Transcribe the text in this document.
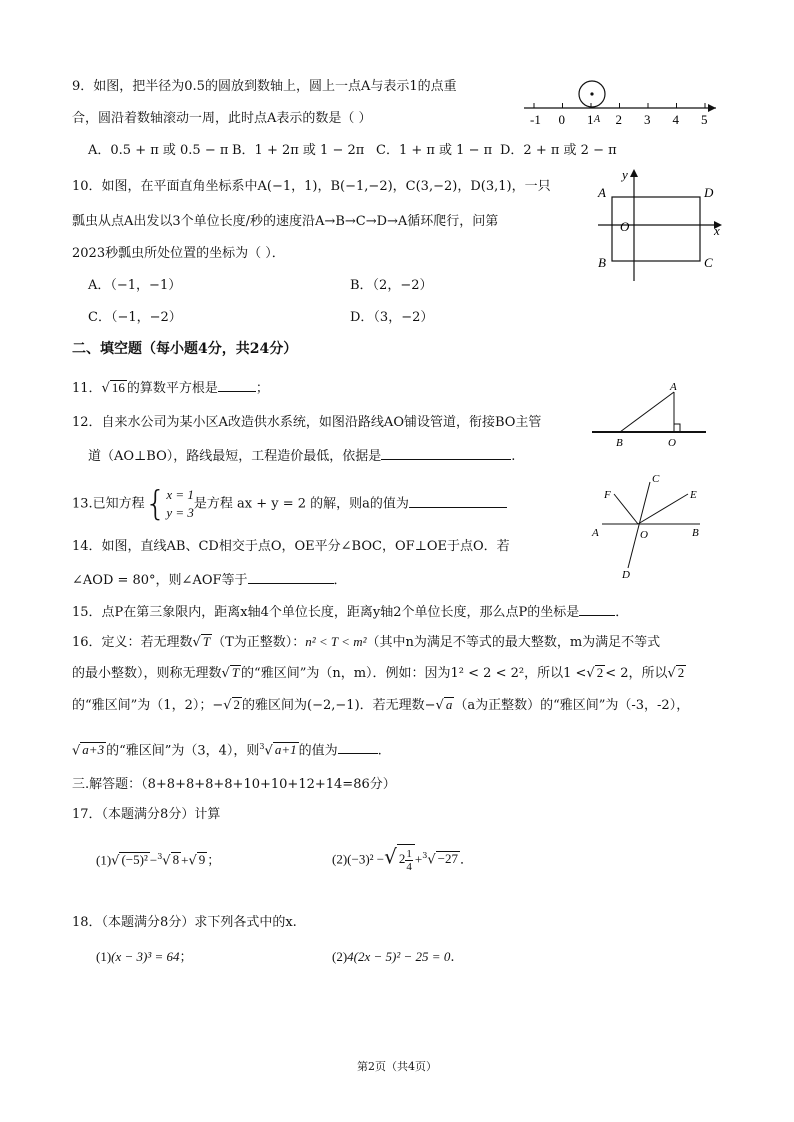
9．如图，把半径为0.5的圆放到数轴上，圆上一点A与表示1的点重
合，圆沿着数轴滚动一周，此时点A表示的数是（ ）
A．0.5 + π 或 0.5 − π B．1 + 2π 或 1 − 2π C．1 + π 或 1 − π D．2 + π 或 2 − π
-1 0 1 2 3 4 5
A
10．如图，在平面直角坐标系中A(−1，1)，B(−1,−2)，C(3,−2)，D(3,1)，一只
瓢虫从点A出发以3个单位长度/秒的速度沿A→B→C→D→A循环爬行，问第
2023秒瓢虫所处位置的坐标为（ ）．
A．（−1，−1）	B．（2，−2）
C．（−1，−2）	D．（3，−2）
y
x
A	D
O
B	C
二、填空题（每小题4分，共24分）
11．√ 16 的算数平方根是	；
12．自来水公司为某小区A改造供水系统，如图沿路线AO铺设管道，衔接BO主管
道（AO⊥BO），路线最短，工程造价最低，依据是	.
A
B	O
13.已知方程{ x = 1
y = 3
是方程 ax + y = 2 的解，则a的值为
C
E
F
A	O	B
D
14．如图，直线AB、CD相交于点O，OE平分∠BOC，OF⊥OE于点O．若
∠AOD = 80°，则∠AOF等于	．
15．点P在第三象限内，距离x轴4个单位长度，距离y轴2个单位长度，那么点P的坐标是	．
16．定义：若无理数√ T （T为正整数）：n² < T < m²（其中n为满足不等式的最大整数，m为满足不等式
的最小整数），则称无理数√ T 的“雅区间”为（n，m）．例如：因为1² < 2 < 2²，所以1 <√ 2 < 2，所以√ 2
的“雅区间”为（1，2）；−√ 2 的雅区间为(−2,−1)．若无理数−√ a （a为正整数）的“雅区间”为（-3，-2），
√ a+3 的“雅区间”为（3，4），则$^3$√ a+1 的值为	.
三.解答题：（8+8+8+8+8+10+10+12+14=86分）
17．（本题满分8分）计算
(1)√ (−5)² −$^3$√ 8 +√ 9 ；	(2)(−3)² −√ $2 \frac{1}{4} +^3√ -27$ ．
18．（本题满分8分）求下列各式中的x.
(1)(x − 3)³ = 64；	(2)4(2x − 5)² − 25 = 0.
第2页（共4页）
